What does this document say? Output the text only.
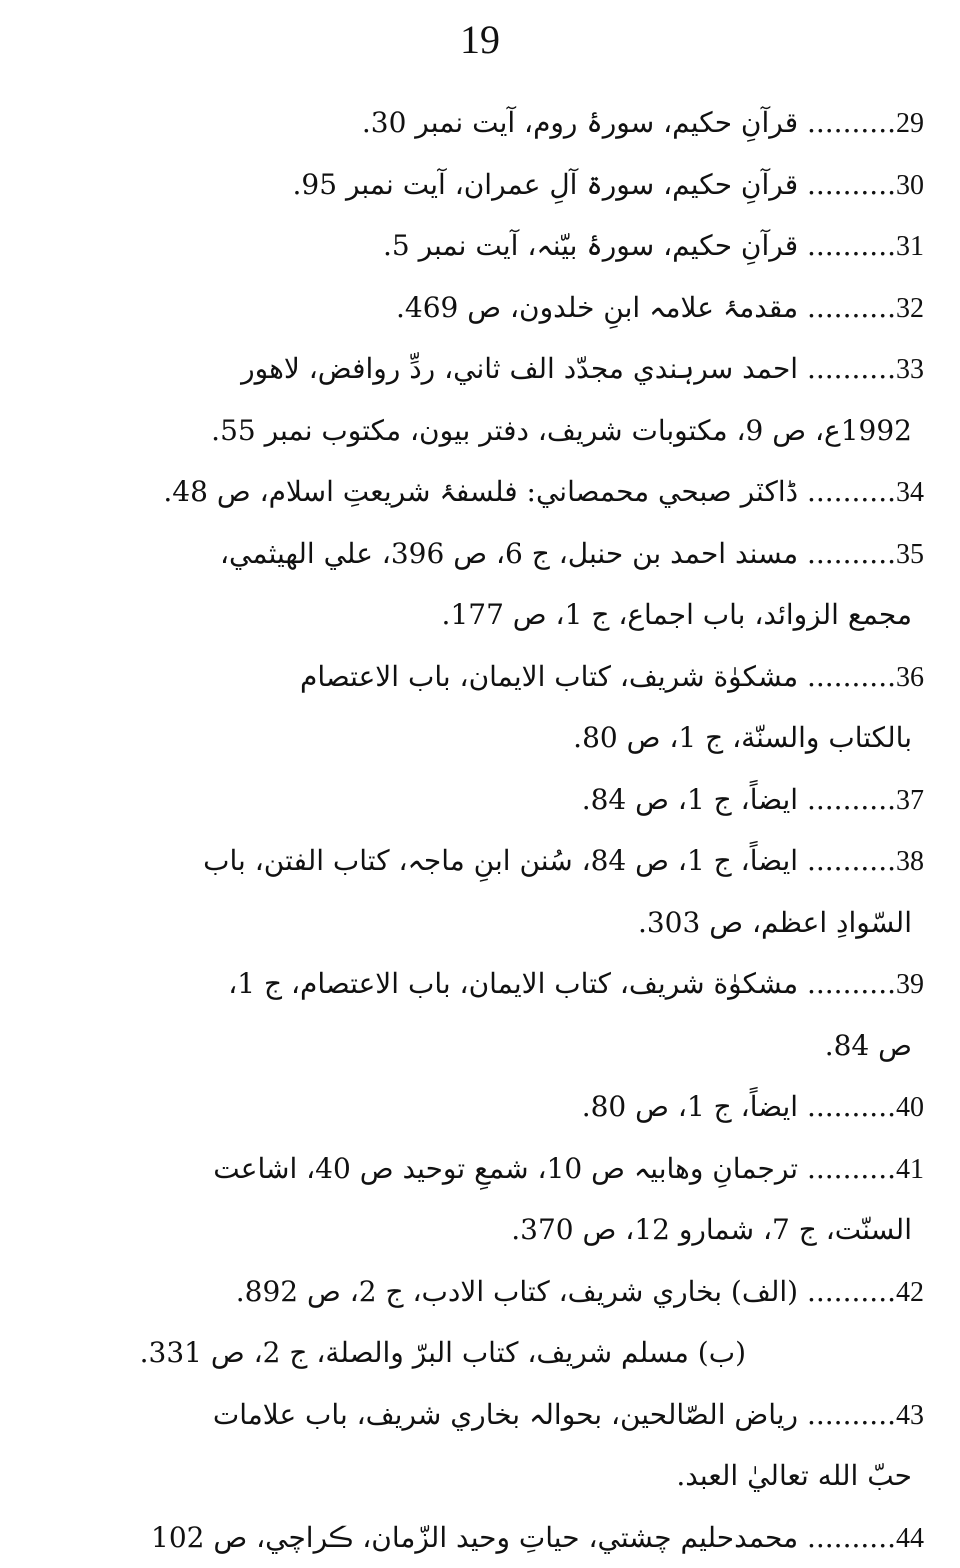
19
29.......... قرآنِ حکیم، سورۂ روم، آیت نمبر 30.
30.......... قرآنِ حکیم، سورۃ آلِ عمران، آیت نمبر 95.
31.......... قرآنِ حکیم، سورۂ بیّنہ، آیت نمبر 5.
32.......... مقدمۂ علامہ ابنِ خلدون، ص 469.
33.......... احمد سرہندي مجدّد الف ثاني، ردِّ روافض، لاهور
1992ع، ص 9، مکتوبات شریف، دفتر بیون، مکتوب نمبر 55.
34.......... ڈاکٽر صبحي محمصاني: فلسفۂ شریعتِ اسلام، ص 48.
35.......... مسند احمد بن حنبل، ج 6، ص 396، علي الهیثمي،
مجمع الزوائد، باب اجماع، ج 1، ص 177.
36.......... مشکوٰة شریف، کتاب الایمان، باب الاعتصام
بالکتاب والسنّة، ج 1، ص 80.
37.......... ایضاً، ج 1، ص 84.
38.......... ایضاً، ج 1، ص 84، سُنن ابنِ ماجہ، کتاب الفتن، باب
السّوادِ اعظم، ص 303.
39.......... مشکوٰة شریف، کتاب الایمان، باب الاعتصام، ج 1،
ص 84.
40.......... ایضاً، ج 1، ص 80.
41.......... ترجمانِ وهابیہ ص 10، شمعِ توحید ص 40، اشاعت
السنّت، ج 7، شمارو 12، ص 370.
42.......... (الف) بخاري شریف، کتاب الادب، ج 2، ص 892.
(ب) مسلم شریف، کتاب البرّ والصلة، ج 2، ص 331.
43.......... ریاض الصّالحین، بحوالہ بخاري شریف، باب علامات
حبّ الله تعاليٰ العبد.
44.......... محمدحلیم چشتي، حیاتِ وحید الزّمان، ڪراچي، ص 102
